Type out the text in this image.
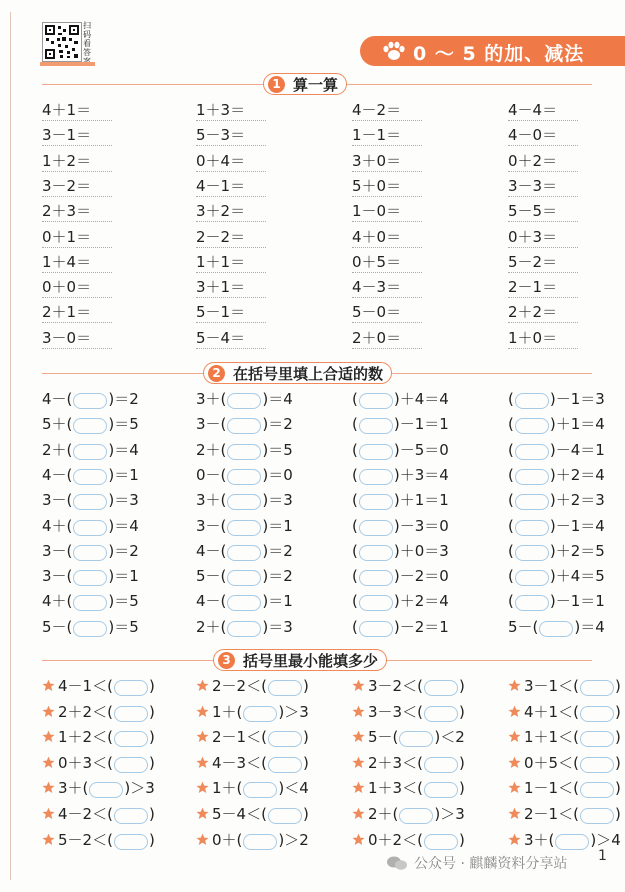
扫码看答	0 ～ 5 的加、减法
1 算一算
4＋1＝	1＋3＝	4－2＝	4－4＝
3－1＝	5－3＝	1－1＝	4－0＝
1＋2＝	0＋4＝	3＋0＝	0＋2＝
3－2＝	4－1＝	5＋0＝	3－3＝
2＋3＝	3＋2＝	1－0＝	5－5＝
0＋1＝	2－2＝	4＋0＝	0＋3＝
1＋4＝	1＋1＝	0＋5＝	5－2＝
0＋0＝	3＋1＝	4－3＝	2－1＝
2＋1＝	5－1＝	5－0＝	2＋2＝
3－0＝	5－4＝	2＋0＝	1＋0＝
2 在括号里填上合适的数
4－( )＝2	3＋( )＝4	( )＋4＝4	( )－1＝3
5＋( )＝5	3－( )＝2	( )－1＝1	( )＋1＝4
2＋( )＝4	2＋( )＝5	( )－5＝0	( )－4＝1
4－( )＝1	0－( )＝0	( )＋3＝4	( )＋2＝4
3－( )＝3	3＋( )＝3	( )＋1＝1	( )＋2＝3
4＋( )＝4	3－( )＝1	( )－3＝0	( )－1＝4
3－( )＝2	4－( )＝2	( )＋0＝3	( )＋2＝5
3－( )＝1	5－( )＝2	( )－2＝0	( )＋4＝5
4＋( )＝5	4－( )＝1	( )＋2＝4	( )－1＝1
5－( )＝5	2＋( )＝3	( )－2＝1	5－( )＝4
3 括号里最小能填多少
4－1＜( )	2－2＜( )	3－2＜( )	3－1＜( )
2＋2＜( )	1＋( )＞3	3－3＜( )	4＋1＜( )
1＋2＜( )	2－1＜( )	5－( )＜2	1＋1＜( )
0＋3＜( )	4－3＜( )	2＋3＜( )	0＋5＜( )
3＋( )＞3	1＋( )＜4	1＋3＜( )	1－1＜( )
4－2＜( )	5－4＜( )	2＋( )＞3	2－1＜( )
5－2＜( )	0＋( )＞2	0＋2＜( )	3＋( )＞4
公众号 · 麒麟资料分享站 1
